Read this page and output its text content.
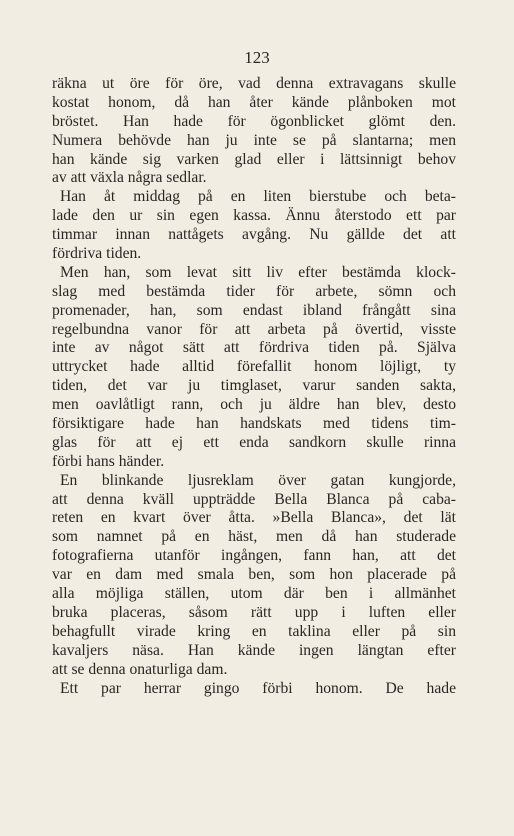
123
räkna ut öre för öre, vad denna extravagans skulle
kostat honom, då han åter kände plånboken mot
bröstet. Han hade för ögonblicket glömt den.
Numera behövde han ju inte se på slantarna; men
han kände sig varken glad eller i lättsinnigt behov
av att växla några sedlar.
Han åt middag på en liten bierstube och beta-
lade den ur sin egen kassa. Ännu återstodo ett par
timmar innan nattågets avgång. Nu gällde det att
fördriva tiden.
Men han, som levat sitt liv efter bestämda klock-
slag med bestämda tider för arbete, sömn och
promenader, han, som endast ibland frångått sina
regelbundna vanor för att arbeta på övertid, visste
inte av något sätt att fördriva tiden på. Själva
uttrycket hade alltid förefallit honom löjligt, ty
tiden, det var ju timglaset, varur sanden sakta,
men oavlåtligt rann, och ju äldre han blev, desto
försiktigare hade han handskats med tidens tim-
glas för att ej ett enda sandkorn skulle rinna
förbi hans händer.
En blinkande ljusreklam över gatan kungjorde,
att denna kväll uppträdde Bella Blanca på caba-
reten en kvart över åtta. »Bella Blanca», det lät
som namnet på en häst, men då han studerade
fotografierna utanför ingången, fann han, att det
var en dam med smala ben, som hon placerade på
alla möjliga ställen, utom där ben i allmänhet
bruka placeras, såsom rätt upp i luften eller
behagfullt virade kring en taklina eller på sin
kavaljers näsa. Han kände ingen längtan efter
att se denna onaturliga dam.
Ett par herrar gingo förbi honom. De hade
